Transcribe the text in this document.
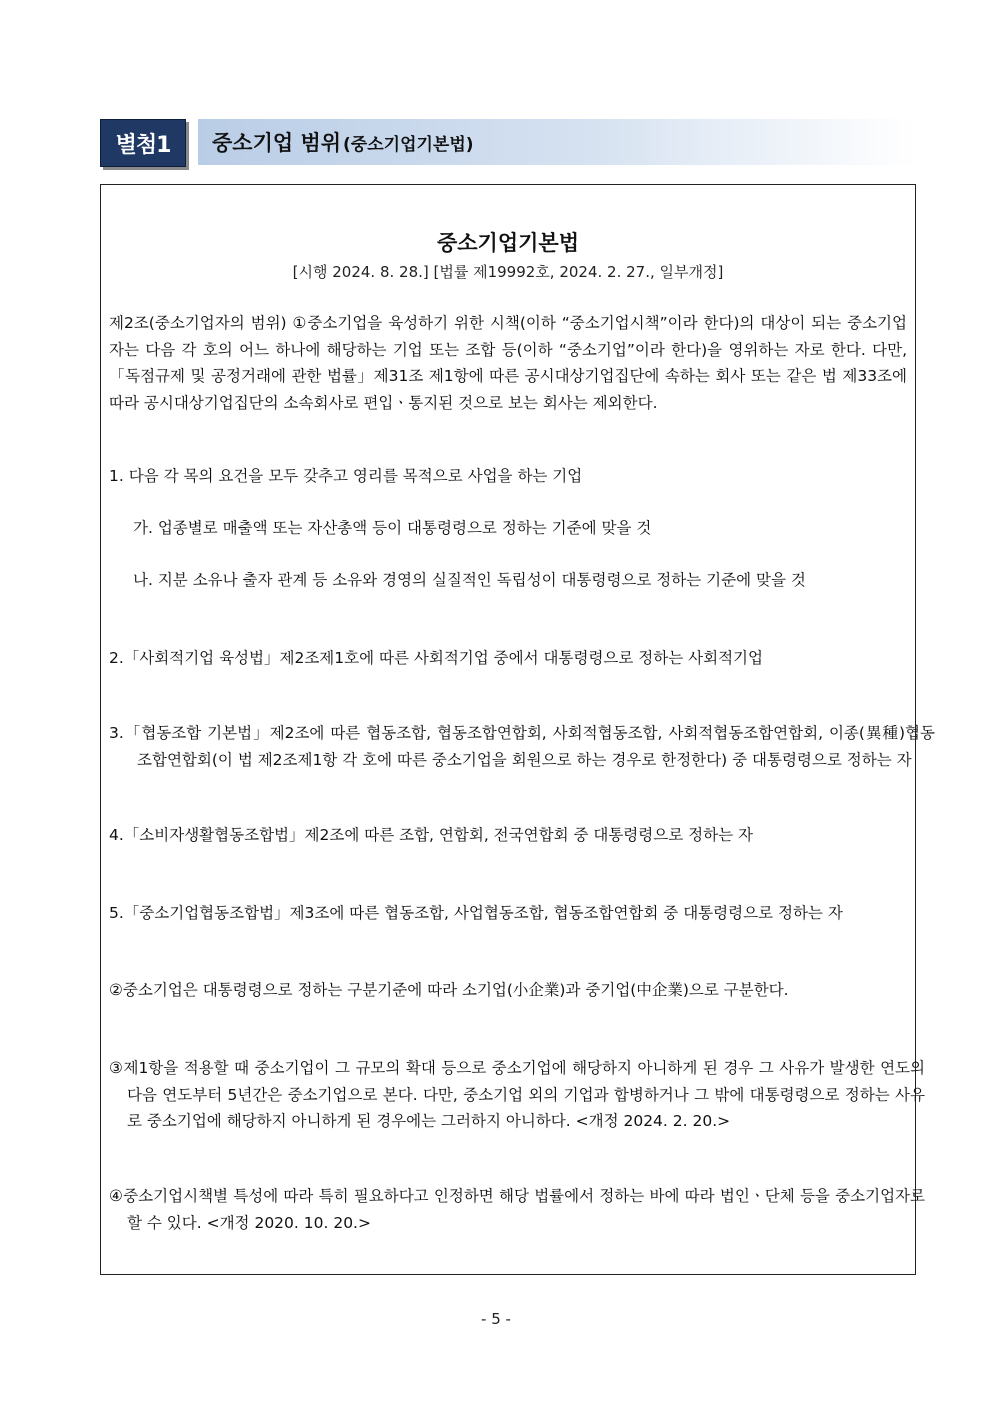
별첨1	중소기업 범위 (중소기업기본법)
중소기업기본법
[시행 2024. 8. 28.] [법률 제19992호, 2024. 2. 27., 일부개정]
제2조(중소기업자의 범위) ①중소기업을 육성하기 위한 시책(이하 “중소기업시책”이라 한다)의 대상이 되는 중소기업자는 다음 각 호의 어느 하나에 해당하는 기업 또는 조합 등(이하 “중소기업”이라 한다)을 영위하는 자로 한다. 다만,「독점규제 및 공정거래에 관한 법률」제31조 제1항에 따른 공시대상기업집단에 속하는 회사 또는 같은 법 제33조에 따라 공시대상기업집단의 소속회사로 편입ㆍ통지된 것으로 보는 회사는 제외한다.
1. 다음 각 목의 요건을 모두 갖추고 영리를 목적으로 사업을 하는 기업
가. 업종별로 매출액 또는 자산총액 등이 대통령령으로 정하는 기준에 맞을 것
나. 지분 소유나 출자 관계 등 소유와 경영의 실질적인 독립성이 대통령령으로 정하는 기준에 맞을 것
2.「사회적기업 육성법」제2조제1호에 따른 사회적기업 중에서 대통령령으로 정하는 사회적기업
3.「협동조합 기본법」제2조에 따른 협동조합, 협동조합연합회, 사회적협동조합, 사회적협동조합연합회, 이종(異種)협동조합연합회(이 법 제2조제1항 각 호에 따른 중소기업을 회원으로 하는 경우로 한정한다) 중 대통령령으로 정하는 자
4.「소비자생활협동조합법」제2조에 따른 조합, 연합회, 전국연합회 중 대통령령으로 정하는 자
5.「중소기업협동조합법」제3조에 따른 협동조합, 사업협동조합, 협동조합연합회 중 대통령령으로 정하는 자
②중소기업은 대통령령으로 정하는 구분기준에 따라 소기업(小企業)과 중기업(中企業)으로 구분한다.
③제1항을 적용할 때 중소기업이 그 규모의 확대 등으로 중소기업에 해당하지 아니하게 된 경우 그 사유가 발생한 연도의 다음 연도부터 5년간은 중소기업으로 본다. 다만, 중소기업 외의 기업과 합병하거나 그 밖에 대통령령으로 정하는 사유로 중소기업에 해당하지 아니하게 된 경우에는 그러하지 아니하다. <개정 2024. 2. 20.>
④중소기업시책별 특성에 따라 특히 필요하다고 인정하면 해당 법률에서 정하는 바에 따라 법인ㆍ단체 등을 중소기업자로 할 수 있다. <개정 2020. 10. 20.>
- 5 -
